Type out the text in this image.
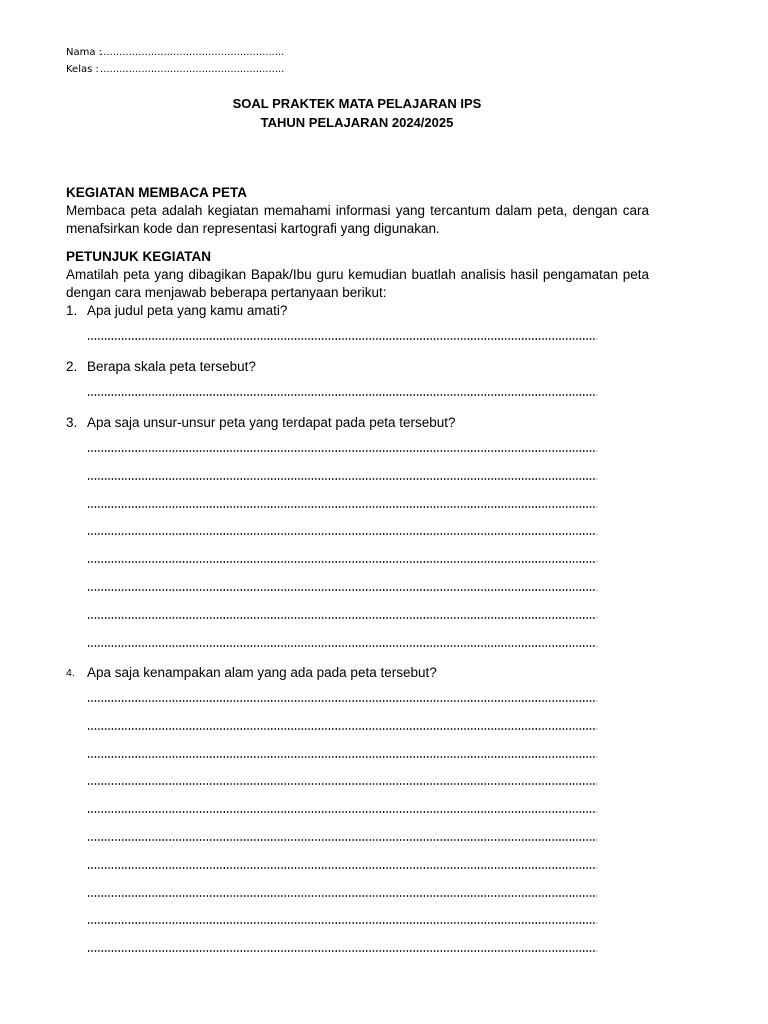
Nama :
..........................................................
Kelas : ..........................................................
SOAL PRAKTEK MATA PELAJARAN IPS
TAHUN PELAJARAN 2024/2025
KEGIATAN MEMBACA PETA
Membaca peta adalah kegiatan memahami informasi yang tercantum dalam peta, dengan cara menafsirkan kode dan representasi kartografi yang digunakan.
PETUNJUK KEGIATAN
Amatilah peta yang dibagikan Bapak/Ibu guru kemudian buatlah analisis hasil pengamatan peta dengan cara menjawab beberapa pertanyaan berikut:
1. Apa judul peta yang kamu amati?
2. Berapa skala peta tersebut?
3. Apa saja unsur-unsur peta yang terdapat pada peta tersebut?
4. Apa saja kenampakan alam yang ada pada peta tersebut?
